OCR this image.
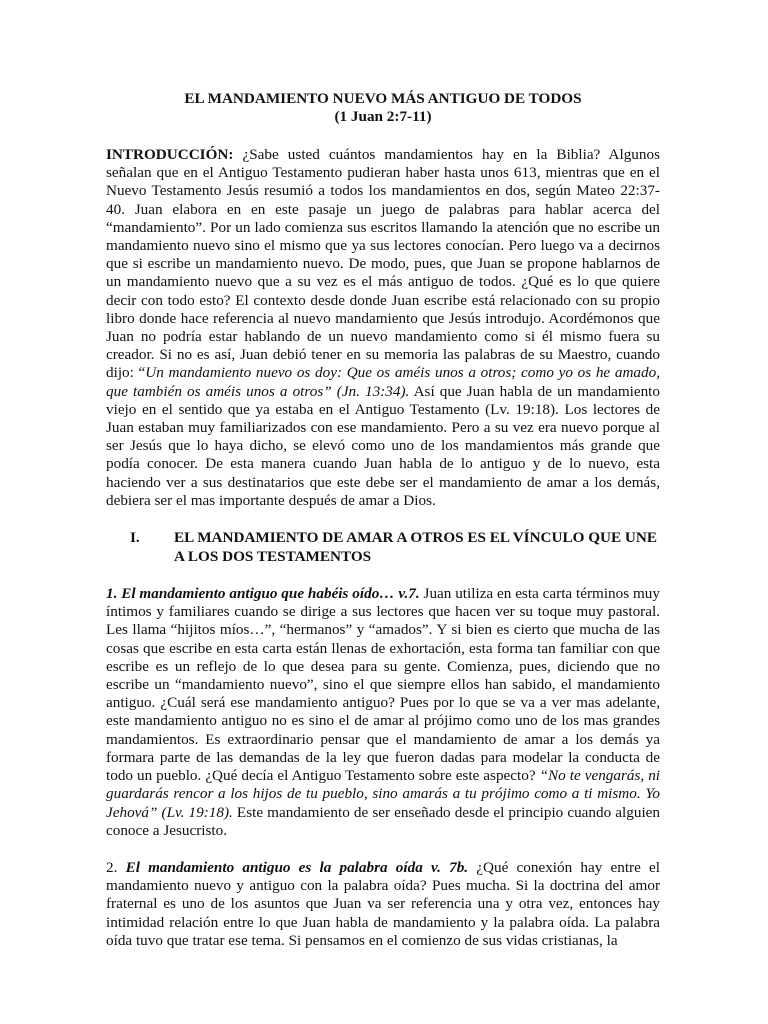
EL MANDAMIENTO NUEVO MÁS ANTIGUO DE TODOS
(1 Juan 2:7-11)

INTRODUCCIÓN: ¿Sabe usted cuántos mandamientos hay en la Biblia? Algunos señalan que en el Antiguo Testamento pudieran haber hasta unos 613, mientras que en el Nuevo Testamento Jesús resumió a todos los mandamientos en dos, según Mateo 22:37-40. Juan elabora en en este pasaje un juego de palabras para hablar acerca del “mandamiento”. Por un lado comienza sus escritos llamando la atención que no escribe un mandamiento nuevo sino el mismo que ya sus lectores conocían. Pero luego va a decirnos que si escribe un mandamiento nuevo. De modo, pues, que Juan se propone hablarnos de un mandamiento nuevo que a su vez es el más antiguo de todos. ¿Qué es lo que quiere decir con todo esto? El contexto desde donde Juan escribe está relacionado con su propio libro donde hace referencia al nuevo mandamiento que Jesús introdujo. Acordémonos que Juan no podría estar hablando de un nuevo mandamiento como si él mismo fuera su creador. Si no es así, Juan debió tener en su memoria las palabras de su Maestro, cuando dijo: “Un mandamiento nuevo os doy: Que os améis unos a otros; como yo os he amado, que también os améis unos a otros” (Jn. 13:34). Así que Juan habla de un mandamiento viejo en el sentido que ya estaba en el Antiguo Testamento (Lv. 19:18). Los lectores de Juan estaban muy familiarizados con ese mandamiento. Pero a su vez era nuevo porque al ser Jesús que lo haya dicho, se elevó como uno de los mandamientos más grande que podía conocer. De esta manera cuando Juan habla de lo antiguo y de lo nuevo, esta haciendo ver a sus destinatarios que este debe ser el mandamiento de amar a los demás, debiera ser el mas importante después de amar a Dios.

I.	EL MANDAMIENTO DE AMAR A OTROS ES EL VÍNCULO QUE UNE A LOS DOS TESTAMENTOS

1. El mandamiento antiguo que habéis oído… v.7. Juan utiliza en esta carta términos muy íntimos y familiares cuando se dirige a sus lectores que hacen ver su toque muy pastoral. Les llama “hijitos míos…”, “hermanos” y “amados”. Y si bien es cierto que mucha de las cosas que escribe en esta carta están llenas de exhortación, esta forma tan familiar con que escribe es un reflejo de lo que desea para su gente. Comienza, pues, diciendo que no escribe un “mandamiento nuevo”, sino el que siempre ellos han sabido, el mandamiento antiguo. ¿Cuál será ese mandamiento antiguo? Pues por lo que se va a ver mas adelante, este mandamiento antiguo no es sino el de amar al prójimo como uno de los mas grandes mandamientos. Es extraordinario pensar que el mandamiento de amar a los demás ya formara parte de las demandas de la ley que fueron dadas para modelar la conducta de todo un pueblo. ¿Qué decía el Antiguo Testamento sobre este aspecto? “No te vengarás, ni guardarás rencor a los hijos de tu pueblo, sino amarás a tu prójimo como a ti mismo. Yo Jehová” (Lv. 19:18). Este mandamiento de ser enseñado desde el principio cuando alguien conoce a Jesucristo.

2. El mandamiento antiguo es la palabra oída v. 7b. ¿Qué conexión hay entre el mandamiento nuevo y antiguo con la palabra oída? Pues mucha. Si la doctrina del amor fraternal es uno de los asuntos que Juan va ser referencia una y otra vez, entonces hay intimidad relación entre lo que Juan habla de mandamiento y la palabra oída. La palabra oída tuvo que tratar ese tema. Si pensamos en el comienzo de sus vidas cristianas, la
